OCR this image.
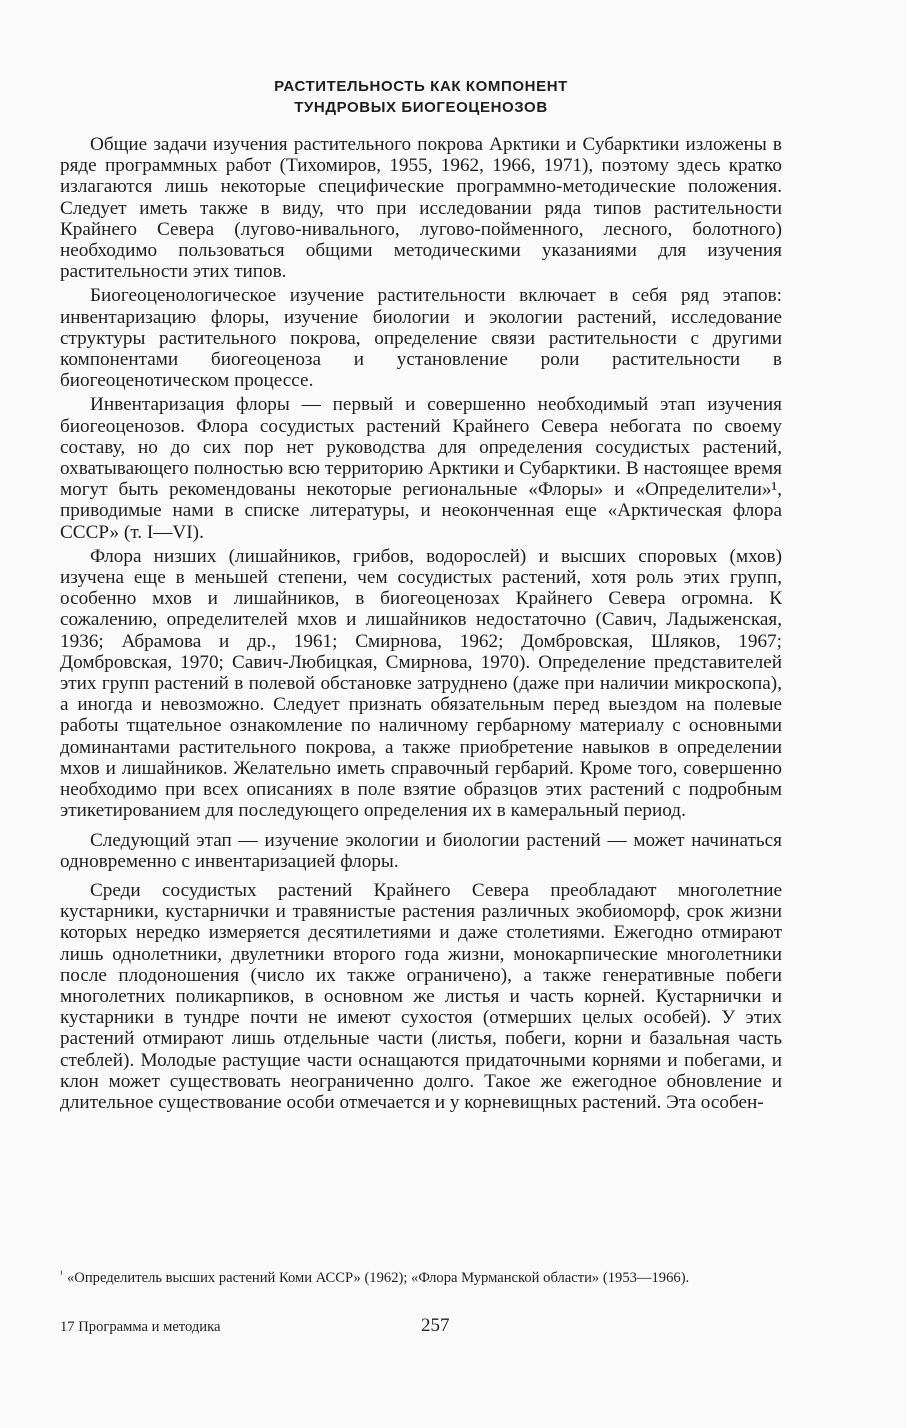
РАСТИТЕЛЬНОСТЬ КАК КОМПОНЕНТ
ТУНДРОВЫХ БИОГЕОЦЕНОЗОВ

Общие задачи изучения растительного покрова Арктики и Субарктики изложены в ряде программных работ (Тихомиров, 1955, 1962, 1966, 1971), поэтому здесь кратко излагаются лишь некоторые специфические программно-методические положения. Следует иметь также в виду, что при исследовании ряда типов растительности Крайнего Севера (лугово-нивального, лугово-пойменного, лесного, болотного) необходимо пользоваться общими методическими указаниями для изучения растительности этих типов.

Биогеоценологическое изучение растительности включает в себя ряд этапов: инвентаризацию флоры, изучение биологии и экологии растений, исследование структуры растительного покрова, определение связи растительности с другими компонентами биогеоценоза и установление роли растительности в биогеоценотическом процессе.

Инвентаризация флоры — первый и совершенно необходимый этап изучения биогеоценозов. Флора сосудистых растений Крайнего Севера небогата по своему составу, но до сих пор нет руководства для определения сосудистых растений, охватывающего полностью всю территорию Арктики и Субарктики. В настоящее время могут быть рекомендованы некоторые региональные «Флоры» и «Определители»¹, приводимые нами в списке литературы, и неоконченная еще «Арктическая флора СССР» (т. I—VI).

Флора низших (лишайников, грибов, водорослей) и высших споровых (мхов) изучена еще в меньшей степени, чем сосудистых растений, хотя роль этих групп, особенно мхов и лишайников, в биогеоценозах Крайнего Севера огромна. К сожалению, определителей мхов и лишайников недостаточно (Савич, Ладыженская, 1936; Абрамова и др., 1961; Смирнова, 1962; Домбровская, Шляков, 1967; Домбровская, 1970; Савич-Любицкая, Смирнова, 1970). Определение представителей этих групп растений в полевой обстановке затруднено (даже при наличии микроскопа), а иногда и невозможно. Следует признать обязательным перед выездом на полевые работы тщательное ознакомление по наличному гербарному материалу с основными доминантами растительного покрова, а также приобретение навыков в определении мхов и лишайников. Желательно иметь справочный гербарий. Кроме того, совершенно необходимо при всех описаниях в поле взятие образцов этих растений с подробным этикетированием для последующего определения их в камеральный период.

Следующий этап — изучение экологии и биологии растений — может начинаться одновременно с инвентаризацией флоры.

Среди сосудистых растений Крайнего Севера преобладают многолетние кустарники, кустарнички и травянистые растения различных экобиоморф, срок жизни которых нередко измеряется десятилетиями и даже столетиями. Ежегодно отмирают лишь однолетники, двулетники второго года жизни, монокарпические многолетники после плодоношения (число их также ограничено), а также генеративные побеги многолетних поликарпиков, в основном же листья и часть корней. Кустарнички и кустарники в тундре почти не имеют сухостоя (отмерших целых особей). У этих растений отмирают лишь отдельные части (листья, побеги, корни и базальная часть стеблей). Молодые растущие части оснащаются придаточными корнями и побегами, и клон может существовать неограниченно долго. Такое же ежегодное обновление и длительное существование особи отмечается и у корневищных растений. Эта особен-

$^{^1}$ «Определитель высших растений Коми АССР» (1962); «Флора Мурманской области» (1953—1966).
17 Программа и методика	257
